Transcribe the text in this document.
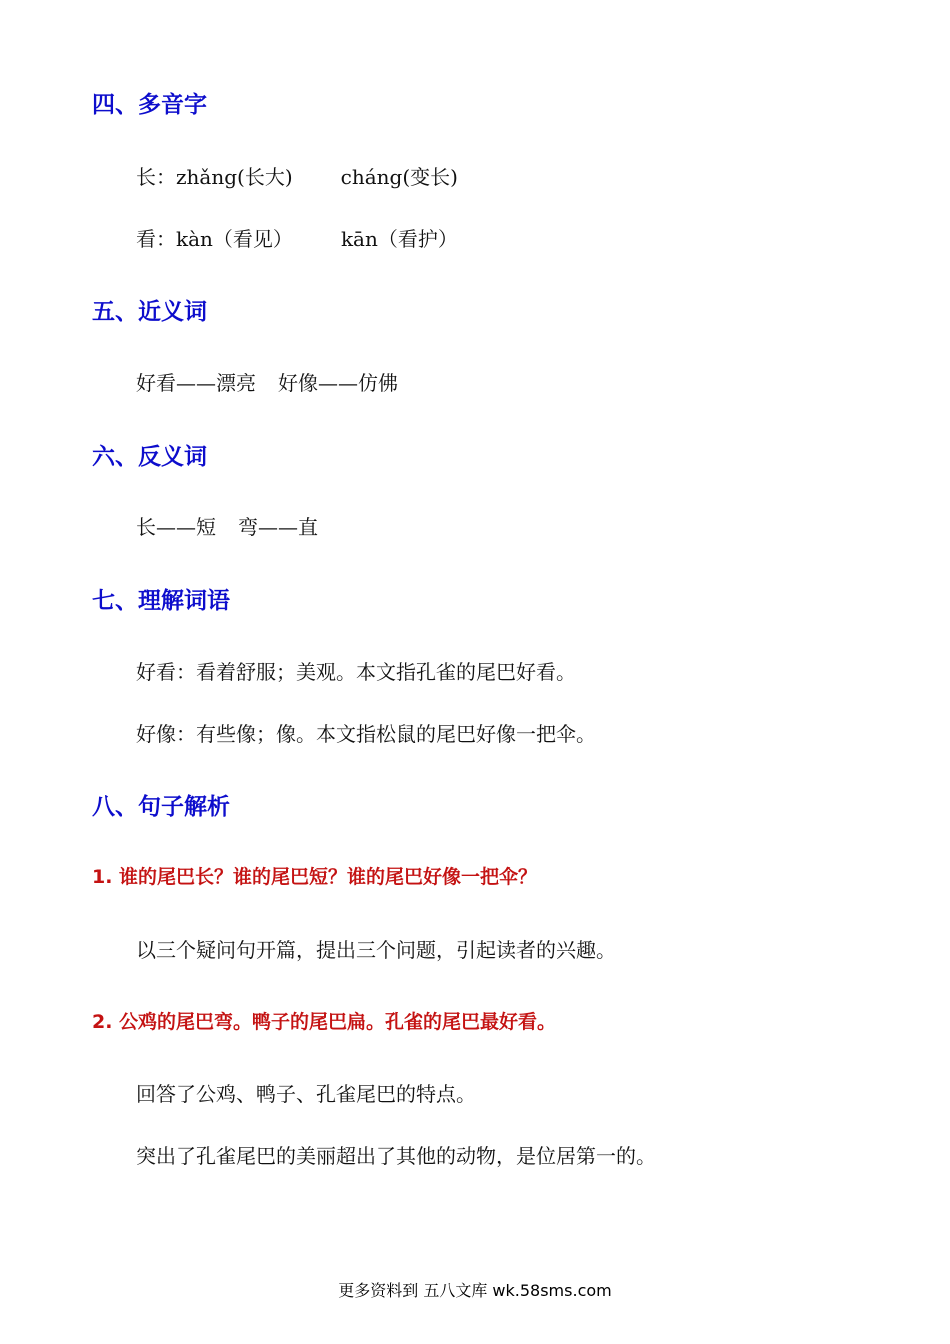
四、多音字
长：zhǎng(长大) cháng(变长)
看：kàn（看见） kān（看护）
五、近义词
好看——漂亮 好像——仿佛
六、反义词
长——短 弯——直
七、理解词语
好看：看着舒服；美观。本文指孔雀的尾巴好看。
好像：有些像；像。本文指松鼠的尾巴好像一把伞。
八、句子解析
1. 谁的尾巴长？谁的尾巴短？谁的尾巴好像一把伞？
以三个疑问句开篇，提出三个问题，引起读者的兴趣。
2. 公鸡的尾巴弯。鸭子的尾巴扁。孔雀的尾巴最好看。
回答了公鸡、鸭子、孔雀尾巴的特点。
突出了孔雀尾巴的美丽超出了其他的动物，是位居第一的。
更多资料到 五八文库 wk.58sms.com
